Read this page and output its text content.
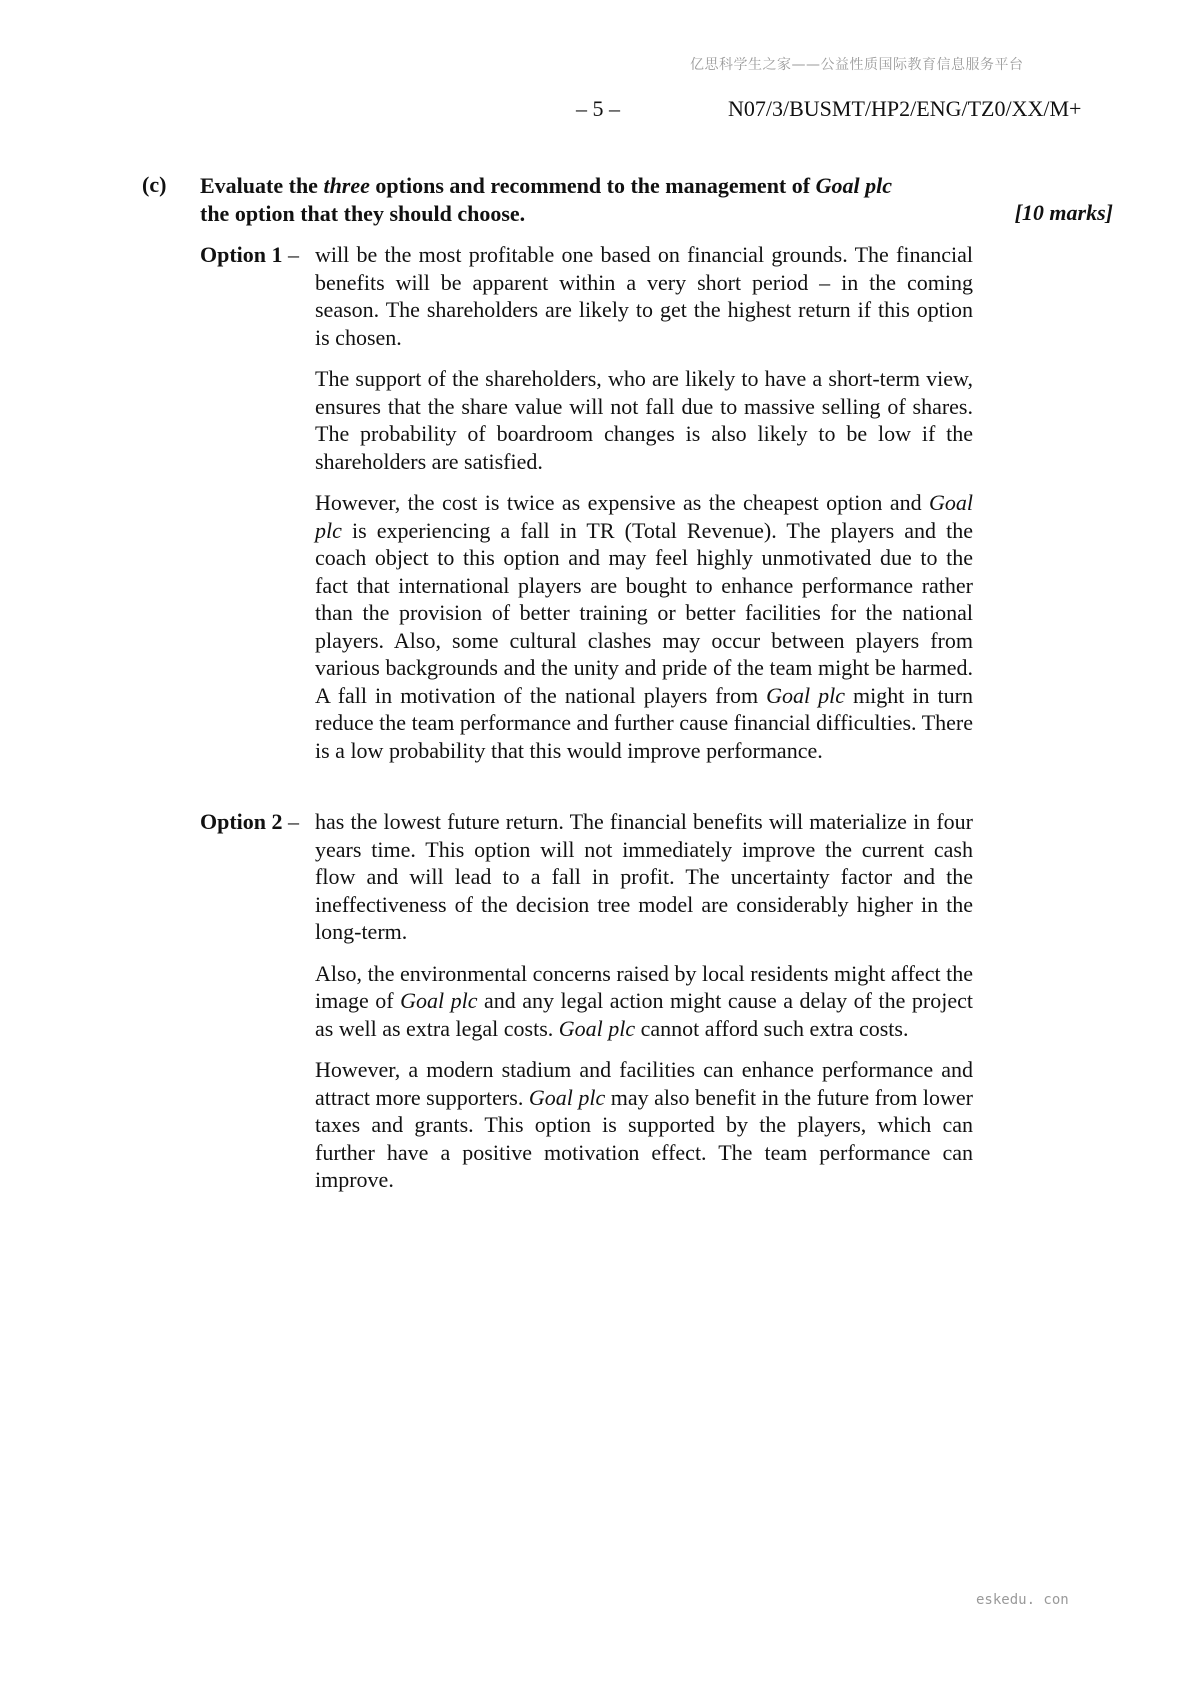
亿思科学生之家——公益性质国际教育信息服务平台
– 5 –	N07/3/BUSMT/HP2/ENG/TZ0/XX/M+
(c) Evaluate the three options and recommend to the management of Goal plc
the option that they should choose.	[10 marks]
Option 1 – will be the most profitable one based on financial grounds. The financial benefits will be apparent within a very short period – in the coming season. The shareholders are likely to get the highest return if this option is chosen.

The support of the shareholders, who are likely to have a short-term view, ensures that the share value will not fall due to massive selling of shares. The probability of boardroom changes is also likely to be low if the shareholders are satisfied.

However, the cost is twice as expensive as the cheapest option and Goal plc is experiencing a fall in TR (Total Revenue). The players and the coach object to this option and may feel highly unmotivated due to the fact that international players are bought to enhance performance rather than the provision of better training or better facilities for the national players. Also, some cultural clashes may occur between players from various backgrounds and the unity and pride of the team might be harmed. A fall in motivation of the national players from Goal plc might in turn reduce the team performance and further cause financial difficulties. There is a low probability that this would improve performance.

Option 2 – has the lowest future return. The financial benefits will materialize in four years time. This option will not immediately improve the current cash flow and will lead to a fall in profit. The uncertainty factor and the ineffectiveness of the decision tree model are considerably higher in the long-term.

Also, the environmental concerns raised by local residents might affect the image of Goal plc and any legal action might cause a delay of the project as well as extra legal costs. Goal plc cannot afford such extra costs.

However, a modern stadium and facilities can enhance performance and attract more supporters. Goal plc may also benefit in the future from lower taxes and grants. This option is supported by the players, which can further have a positive motivation effect. The team performance can improve.

eskedu. con
